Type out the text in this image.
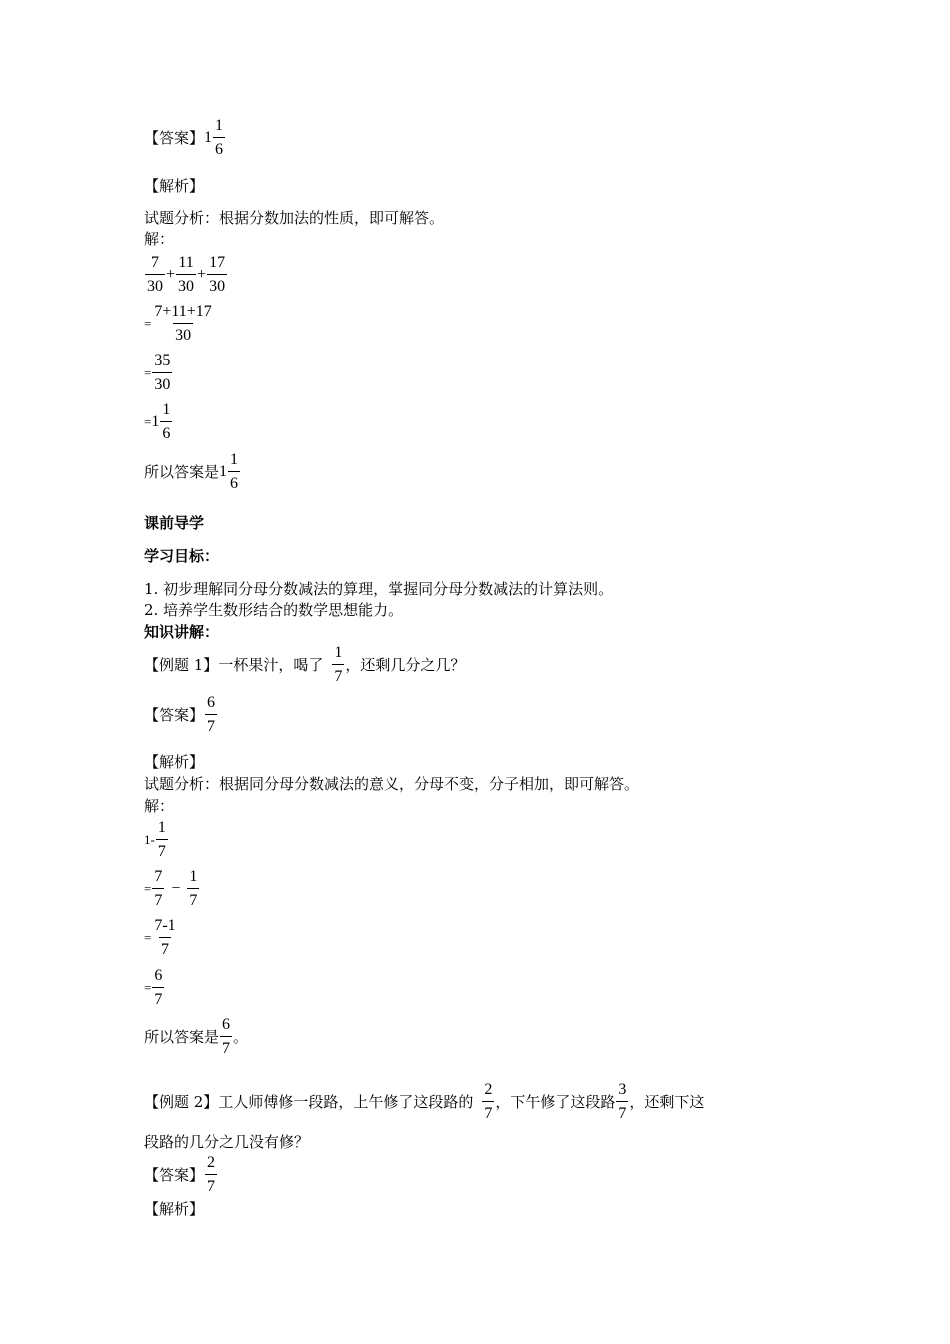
【答案】 $1 \frac{1}{6}$
【解析】
试题分析：根据分数加法的性质，即可解答。
解：
$\frac{7}{30} + \frac{11}{30} + \frac{17}{30}$
= $\frac{7+11+17}{30}$
= $\frac{35}{30}$
= $1 \frac{1}{6}$
所以答案是 $1 \frac{1}{6}$
课前导学
学习目标：
1. 初步理解同分母分数减法的算理，掌握同分母分数减法的计算法则。
2. 培养学生数形结合的数学思想能力。
知识讲解：
【例题 1】 一杯果汁，喝了 $\frac{1}{7}$ ，还剩几分之几？
【答案】 $\frac{6}{7}$
【解析】
试题分析：根据同分母分数减法的意义，分母不变，分子相加，即可解答。
解：
$1 - \frac{1}{7}$
= $\frac{7}{7} - \frac{1}{7}$
= $\frac{7-1}{7}$
= $\frac{6}{7}$
所以答案是 $\frac{6}{7}$ 。
【例题 2】 工人师傅修一段路，上午修了这段路的 $\frac{2}{7}$ ，下午修了这段路 $\frac{3}{7}$ ，还剩下这
段路的几分之几没有修？
【答案】 $\frac{2}{7}$
【解析】
